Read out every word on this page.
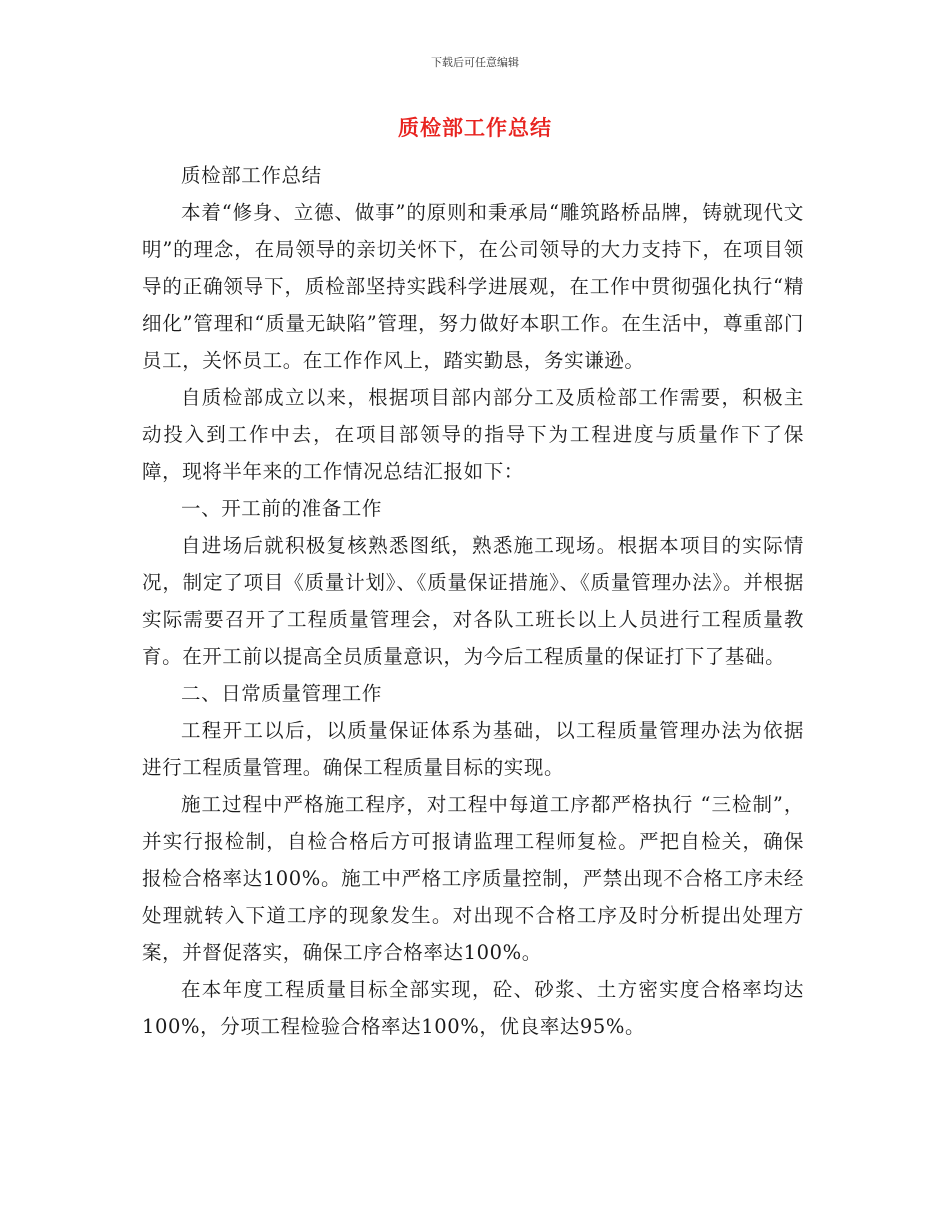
下载后可任意编辑
质检部工作总结

质检部工作总结

本着“修身、立德、做事”的原则和秉承局“雕筑路桥品牌，铸就现代文明”的理念，在局领导的亲切关怀下，在公司领导的大力支持下，在项目领导的正确领导下，质检部坚持实践科学进展观，在工作中贯彻强化执行“精细化”管理和“质量无缺陷”管理，努力做好本职工作。在生活中，尊重部门员工，关怀员工。在工作作风上，踏实勤恳，务实谦逊。

自质检部成立以来，根据项目部内部分工及质检部工作需要，积极主动投入到工作中去，在项目部领导的指导下为工程进度与质量作下了保障，现将半年来的工作情况总结汇报如下：

一、开工前的准备工作

自进场后就积极复核熟悉图纸，熟悉施工现场。根据本项目的实际情况，制定了项目《质量计划》、《质量保证措施》、《质量管理办法》。并根据实际需要召开了工程质量管理会，对各队工班长以上人员进行工程质量教育。在开工前以提高全员质量意识，为今后工程质量的保证打下了基础。

二、日常质量管理工作

工程开工以后，以质量保证体系为基础，以工程质量管理办法为依据进行工程质量管理。确保工程质量目标的实现。

施工过程中严格施工程序，对工程中每道工序都严格执行 “三检制”，并实行报检制，自检合格后方可报请监理工程师复检。严把自检关，确保报检合格率达100%。施工中严格工序质量控制，严禁出现不合格工序未经处理就转入下道工序的现象发生。对出现不合格工序及时分析提出处理方案，并督促落实，确保工序合格率达100%。

在本年度工程质量目标全部实现，砼、砂浆、土方密实度合格率均达100%，分项工程检验合格率达100%，优良率达95%。
